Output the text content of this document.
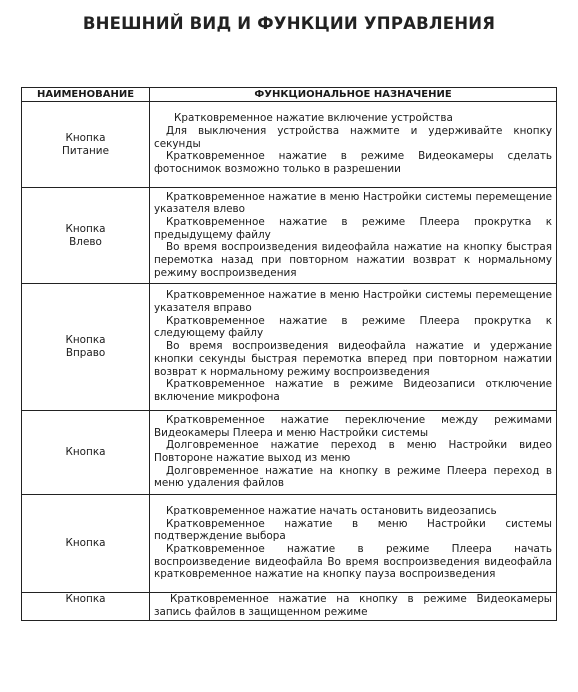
ВНЕШНИЙ ВИД И ФУНКЦИИ УПРАВЛЕНИЯ
НАИМЕНОВАНИЕ	ФУНКЦИОНАЛЬНОЕ НАЗНАЧЕНИЕ

Кнопка
Питание	Кратковременное нажатие включение устройства
Для выключения устройства нажмите и удерживайте кнопку секунды
Кратковременное нажатие в режиме Видеокамеры сделать фотоснимок возможно только в разрешении

Кнопка
Влево	Кратковременное нажатие в меню Настройки системы перемещение указателя влево
Кратковременное нажатие в режиме Плеера прокрутка к предыдущему файлу
Во время воспроизведения видеофайла нажатие на кнопку быстрая перемотка назад при повторном нажатии возврат к нормальному режиму воспроизведения

Кнопка
Вправо	Кратковременное нажатие в меню Настройки системы перемещение указателя вправо
Кратковременное нажатие в режиме Плеера прокрутка к следующему файлу
Во время воспроизведения видеофайла нажатие и удержание кнопки секунды быстрая перемотка вперед при повторном нажатии возврат к нормальному режиму воспроизведения
Кратковременное нажатие в режиме Видеозаписи отключение включение микрофона

Кнопка	Кратковременное нажатие переключение между режимами Видеокамеры Плеера и меню Настройки системы
Долговременное нажатие переход в меню Настройки видео Повтороне нажатие выход из меню
Долговременное нажатие на кнопку в режиме Плеера переход в меню удаления файлов

Кнопка	Кратковременное нажатие начать остановить видеозапись
Кратковременное нажатие в меню Настройки системы подтверждение выбора
Кратковременное нажатие в режиме Плеера начать воспроизведение видеофайла Во время воспроизведения видеофайла кратковременное нажатие на кнопку пауза воспроизведения

Кнопка	Кратковременное нажатие на кнопку в режиме Видеокамеры запись файлов в защищенном режиме
